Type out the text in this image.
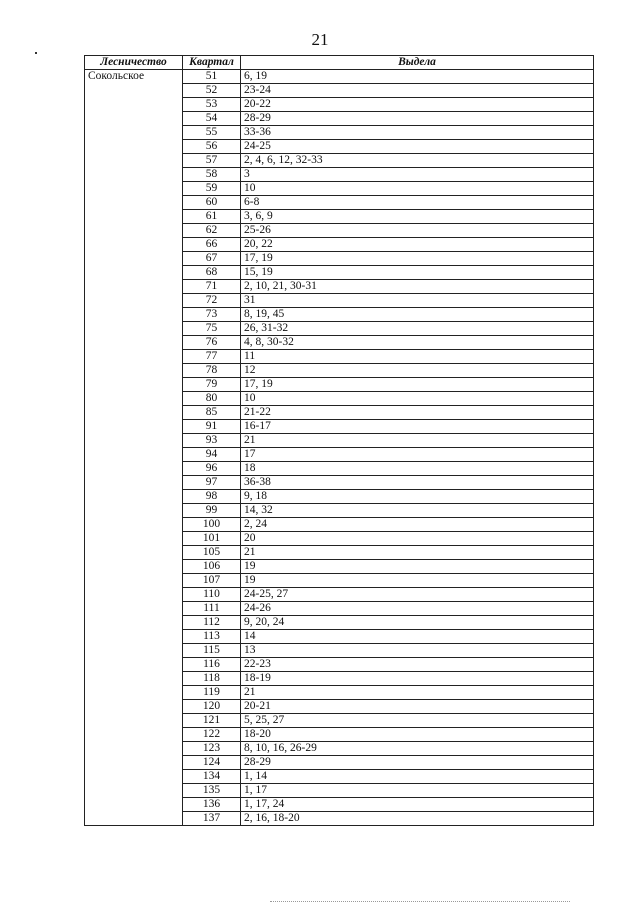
21
Лесничество	Квартал	Выдела
Сокольское	51	6, 19
	52	23-24
	53	20-22
	54	28-29
	55	33-36
	56	24-25
	57	2, 4, 6, 12, 32-33
	58	3
	59	10
	60	6-8
	61	3, 6, 9
	62	25-26
	66	20, 22
	67	17, 19
	68	15, 19
	71	2, 10, 21, 30-31
	72	31
	73	8, 19, 45
	75	26, 31-32
	76	4, 8, 30-32
	77	11
	78	12
	79	17, 19
	80	10
	85	21-22
	91	16-17
	93	21
	94	17
	96	18
	97	36-38
	98	9, 18
	99	14, 32
	100	2, 24
	101	20
	105	21
	106	19
	107	19
	110	24-25, 27
	111	24-26
	112	9, 20, 24
	113	14
	115	13
	116	22-23
	118	18-19
	119	21
	120	20-21
	121	5, 25, 27
	122	18-20
	123	8, 10, 16, 26-29
	124	28-29
	134	1, 14
	135	1, 17
	136	1, 17, 24
	137	2, 16, 18-20
